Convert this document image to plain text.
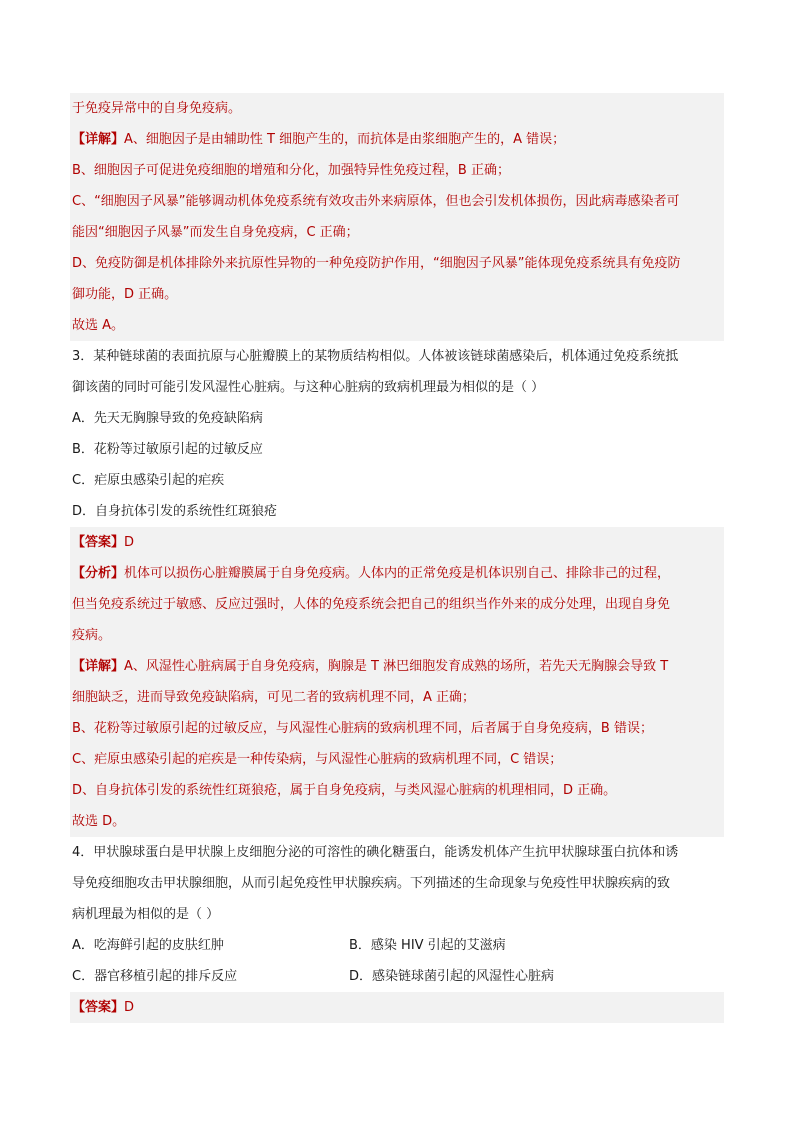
于免疫异常中的自身免疫病。
【详解】A、细胞因子是由辅助性 T 细胞产生的，而抗体是由浆细胞产生的，A 错误；
B、细胞因子可促进免疫细胞的增殖和分化，加强特异性免疫过程，B 正确；
C、“细胞因子风暴”能够调动机体免疫系统有效攻击外来病原体，但也会引发机体损伤，因此病毒感染者可
能因“细胞因子风暴”而发生自身免疫病，C 正确；
D、免疫防御是机体排除外来抗原性异物的一种免疫防护作用，“细胞因子风暴”能体现免疫系统具有免疫防
御功能，D 正确。
故选 A。
3．某种链球菌的表面抗原与心脏瓣膜上的某物质结构相似。人体被该链球菌感染后，机体通过免疫系统抵
御该菌的同时可能引发风湿性心脏病。与这种心脏病的致病机理最为相似的是（ ）
A．先天无胸腺导致的免疫缺陷病
B．花粉等过敏原引起的过敏反应
C．疟原虫感染引起的疟疾
D．自身抗体引发的系统性红斑狼疮
【答案】D
【分析】机体可以损伤心脏瓣膜属于自身免疫病。人体内的正常免疫是机体识别自己、排除非己的过程，
但当免疫系统过于敏感、反应过强时，人体的免疫系统会把自己的组织当作外来的成分处理，出现自身免
疫病。
【详解】A、风湿性心脏病属于自身免疫病，胸腺是 T 淋巴细胞发育成熟的场所，若先天无胸腺会导致 T
细胞缺乏，进而导致免疫缺陷病，可见二者的致病机理不同，A 正确；
B、花粉等过敏原引起的过敏反应，与风湿性心脏病的致病机理不同，后者属于自身免疫病，B 错误；
C、疟原虫感染引起的疟疾是一种传染病，与风湿性心脏病的致病机理不同，C 错误；
D、自身抗体引发的系统性红斑狼疮，属于自身免疫病，与类风湿心脏病的机理相同，D 正确。
故选 D。
4．甲状腺球蛋白是甲状腺上皮细胞分泌的可溶性的碘化糖蛋白，能诱发机体产生抗甲状腺球蛋白抗体和诱
导免疫细胞攻击甲状腺细胞，从而引起免疫性甲状腺疾病。下列描述的生命现象与免疫性甲状腺疾病的致
病机理最为相似的是（ ）
A．吃海鲜引起的皮肤红肿	B．感染 HIV 引起的艾滋病
C．器官移植引起的排斥反应	D．感染链球菌引起的风湿性心脏病
【答案】D
